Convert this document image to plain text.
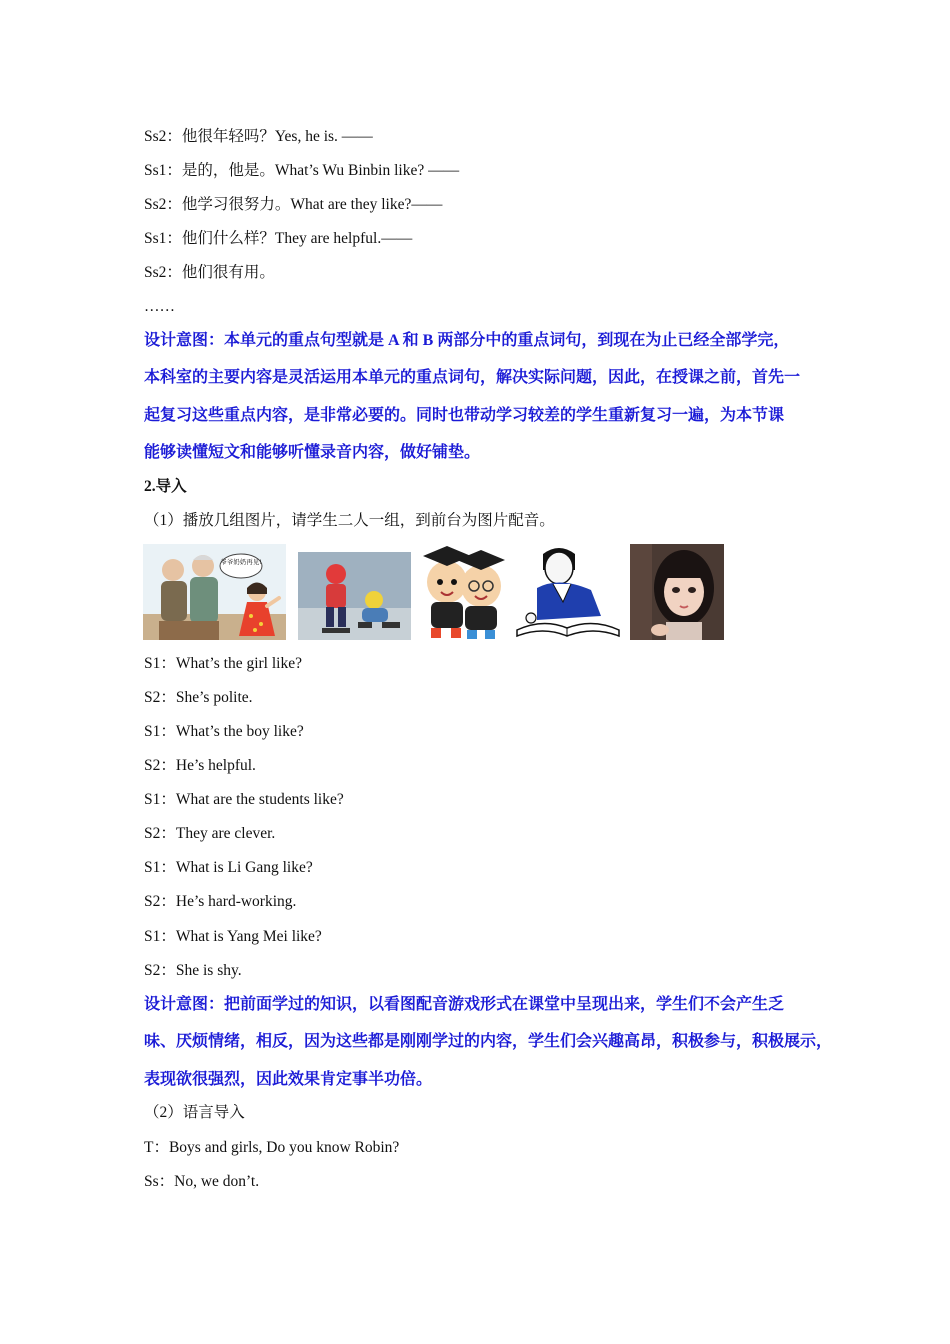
Ss2：他很年轻吗？Yes, he is. ——
Ss1：是的，他是。What’s Wu Binbin like? ——
Ss2：他学习很努力。What are they like?——
Ss1：他们什么样？They are helpful.——
Ss2：他们很有用。
……
设计意图：本单元的重点句型就是 A 和 B 两部分中的重点词句，到现在为止已经全部学完，
本科室的主要内容是灵活运用本单元的重点词句，解决实际问题，因此，在授课之前，首先一
起复习这些重点内容，是非常必要的。同时也带动学习较差的学生重新复习一遍，为本节课
能够读懂短文和能够听懂录音内容，做好铺垫。
2.导入
（1）播放几组图片，请学生二人一组，到前台为图片配音。
爷爷奶奶再见!
S1：What’s the girl like?
S2：She’s polite.
S1：What’s the boy like?
S2：He’s helpful.
S1：What are the students like?
S2：They are clever.
S1：What is Li Gang like?
S2：He’s hard-working.
S1：What is Yang Mei like?
S2：She is shy.
设计意图：把前面学过的知识，以看图配音游戏形式在课堂中呈现出来，学生们不会产生乏
味、厌烦情绪，相反，因为这些都是刚刚学过的内容，学生们会兴趣高昂，积极参与，积极展示，
表现欲很强烈，因此效果肯定事半功倍。
（2）语言导入
T：Boys and girls, Do you know Robin?
Ss：No, we don’t.
